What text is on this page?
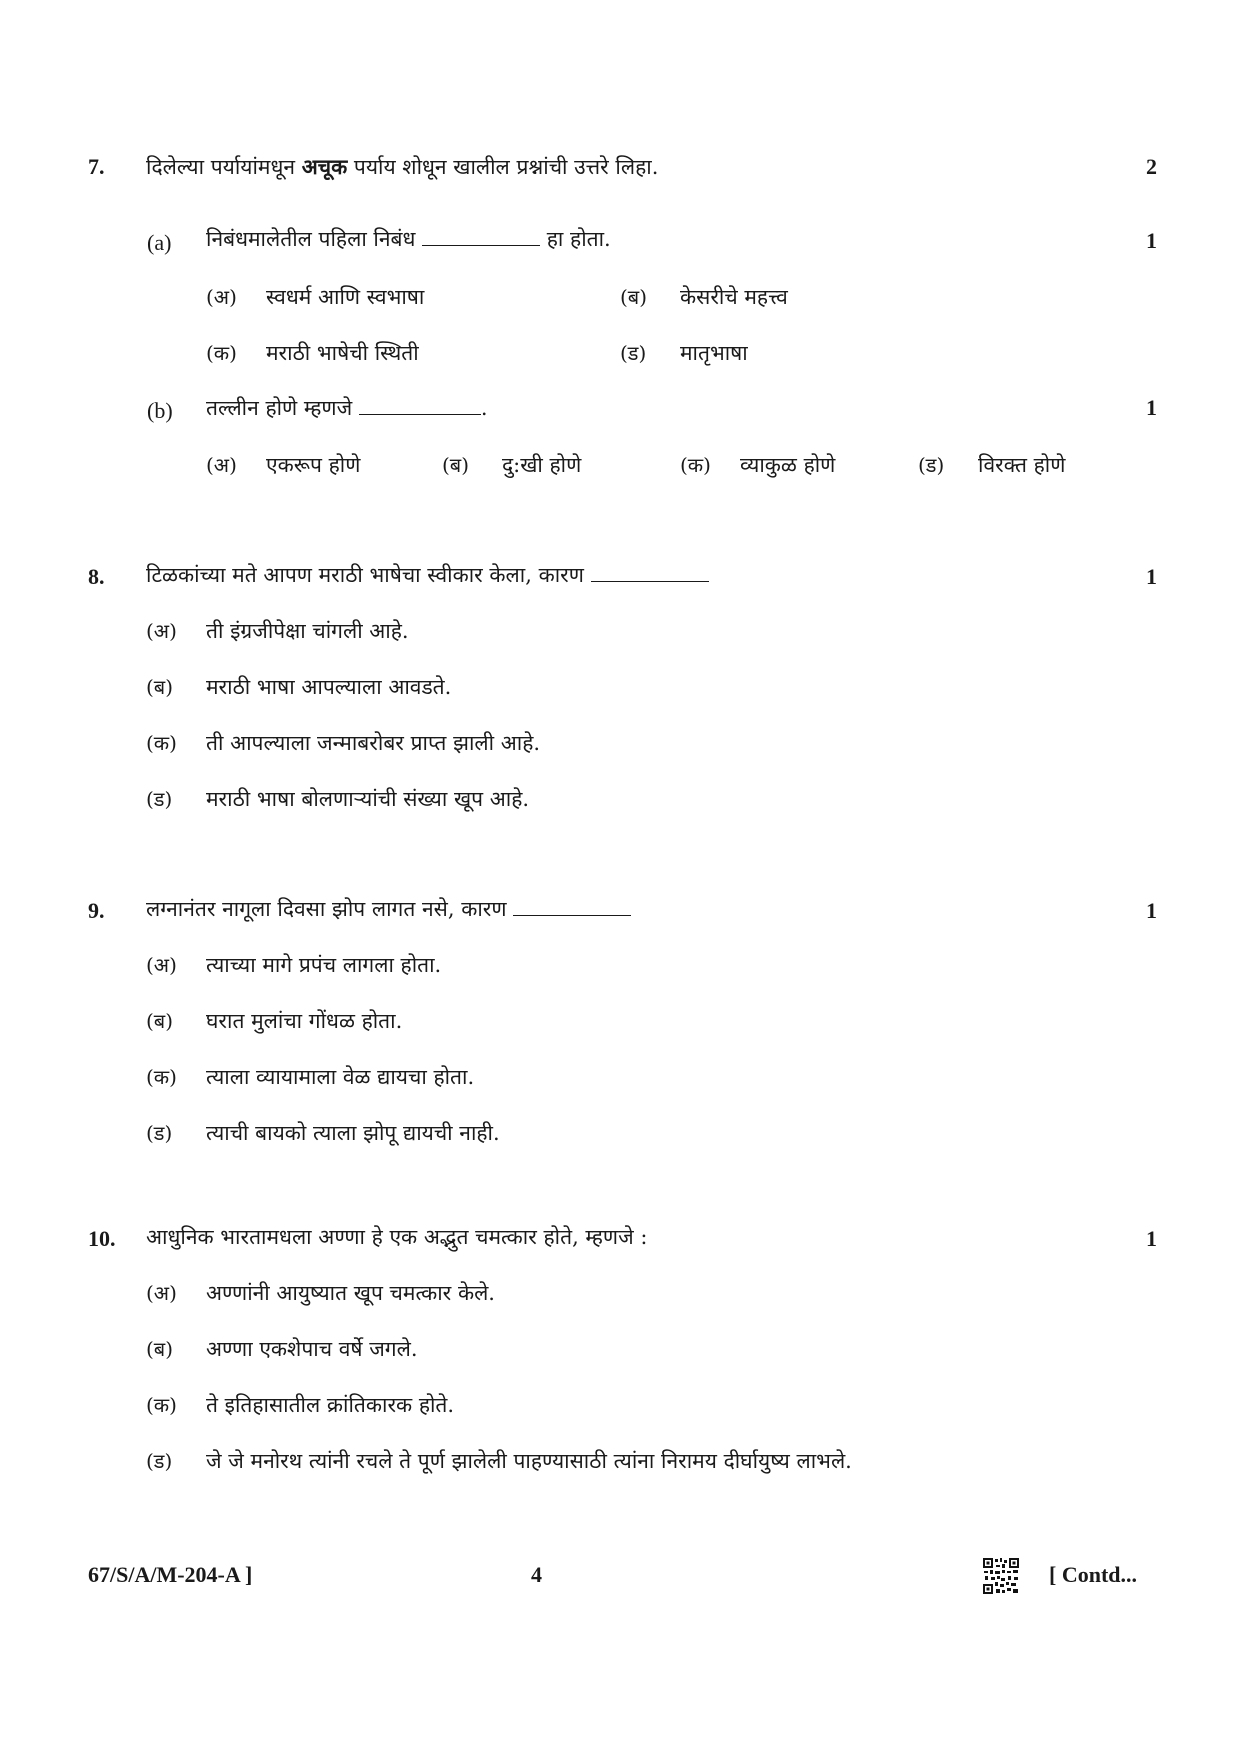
7. दिलेल्या पर्यायांमधून अचूक पर्याय शोधून खालील प्रश्नांची उत्तरे लिहा.	2
(a) निबंधमालेतील पहिला निबंध	हा होता.	1
(अ) स्वधर्म आणि स्वभाषा	(ब) केसरीचे महत्त्व
(क) मराठी भाषेची स्थिती	(ड) मातृभाषा
(b) तल्लीन होणे म्हणजे	.	1
(अ) एकरूप होणे	(ब) दु:खी होणे	(क) व्याकुळ होणे	(ड) विरक्त होणे
8. टिळकांच्या मते आपण मराठी भाषेचा स्वीकार केला, कारण	1
(अ) ती इंग्रजीपेक्षा चांगली आहे.
(ब) मराठी भाषा आपल्याला आवडते.
(क) ती आपल्याला जन्माबरोबर प्राप्त झाली आहे.
(ड) मराठी भाषा बोलणाऱ्यांची संख्या खूप आहे.
9. लग्नानंतर नागूला दिवसा झोप लागत नसे, कारण	1
(अ) त्याच्या मागे प्रपंच लागला होता.
(ब) घरात मुलांचा गोंधळ होता.
(क) त्याला व्यायामाला वेळ द्यायचा होता.
(ड) त्याची बायको त्याला झोपू द्यायची नाही.
10. आधुनिक भारतामधला अण्णा हे एक अद्भुत चमत्कार होते, म्हणजे :	1
(अ) अण्णांनी आयुष्यात खूप चमत्कार केले.
(ब) अण्णा एकशेपाच वर्षे जगले.
(क) ते इतिहासातील क्रांतिकारक होते.
(ड) जे जे मनोरथ त्यांनी रचले ते पूर्ण झालेली पाहण्यासाठी त्यांना निरामय दीर्घायुष्य लाभले.
67/S/A/M-204-A ]	4	[ Contd...
